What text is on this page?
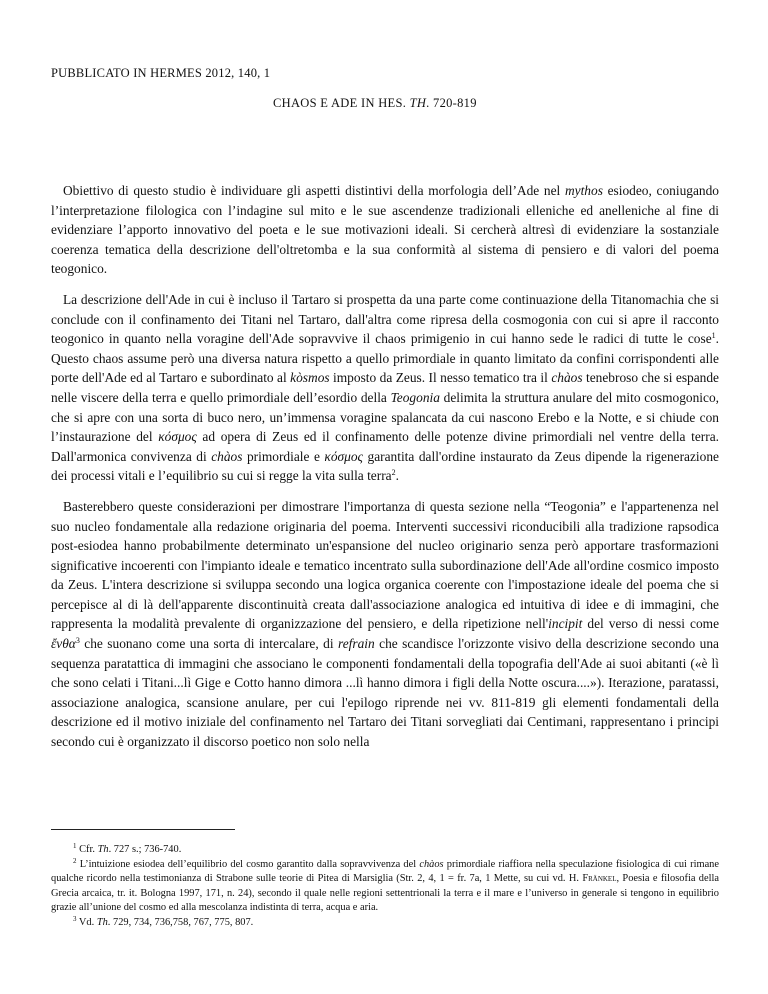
PUBBLICATO IN HERMES 2012, 140, 1
CHAOS E ADE IN HES. TH. 720-819

Obiettivo di questo studio è individuare gli aspetti distintivi della morfologia dell’Ade nel mythos esiodeo, coniugando l’interpretazione filologica con l’indagine sul mito e le sue ascendenze tradizionali elleniche ed anelleniche al fine di evidenziare l’apporto innovativo del poeta e le sue motivazioni ideali. Si cercherà altresì di evidenziare la sostanziale coerenza tematica della descrizione dell'oltretomba e la sua conformità al sistema di pensiero e di valori del poema teogonico.

La descrizione dell'Ade in cui è incluso il Tartaro si prospetta da una parte come continuazione della Titanomachia che si conclude con il confinamento dei Titani nel Tartaro, dall'altra come ripresa della cosmogonia con cui si apre il racconto teogonico in quanto nella voragine dell'Ade sopravvive il chaos primigenio in cui hanno sede le radici di tutte le cose$^1$. Questo chaos assume però una diversa natura rispetto a quello primordiale in quanto limitato da confini corrispondenti alle porte dell'Ade ed al Tartaro e subordinato al kòsmos imposto da Zeus. Il nesso tematico tra il chàos tenebroso che si espande nelle viscere della terra e quello primordiale dell’esordio della Teogonia delimita la struttura anulare del mito cosmogonico, che si apre con una sorta di buco nero, un’immensa voragine spalancata da cui nascono Erebo e la Notte, e si chiude con l’instaurazione del κόσμος ad opera di Zeus ed il confinamento delle potenze divine primordiali nel ventre della terra. Dall'armonica convivenza di chàos primordiale e κόσμος garantita dall'ordine instaurato da Zeus dipende la rigenerazione dei processi vitali e l’equilibrio su cui si regge la vita sulla terra$^2$.

Basterebbero queste considerazioni per dimostrare l'importanza di questa sezione nella “Teogonia” e l'appartenenza nel suo nucleo fondamentale alla redazione originaria del poema. Interventi successivi riconducibili alla tradizione rapsodica post-esiodea hanno probabilmente determinato un'espansione del nucleo originario senza però apportare trasformazioni significative incoerenti con l'impianto ideale e tematico incentrato sulla subordinazione dell'Ade all'ordine cosmico imposto da Zeus. L'intera descrizione si sviluppa secondo una logica organica coerente con l'impostazione ideale del poema che si percepisce al di là dell'apparente discontinuità creata dall'associazione analogica ed intuitiva di idee e di immagini, che rappresenta la modalità prevalente di organizzazione del pensiero, e della ripetizione nell'incipit del verso di nessi come ἔνθα$^3$ che suonano come una sorta di intercalare, di refrain che scandisce l'orizzonte visivo della descrizione secondo una sequenza paratattica di immagini che associano le componenti fondamentali della topografia dell'Ade ai suoi abitanti («è lì che sono celati i Titani...lì Gige e Cotto hanno dimora ...lì hanno dimora i figli della Notte oscura....»). Iterazione, paratassi, associazione analogica, scansione anulare, per cui l'epilogo riprende nei vv. 811-819 gli elementi fondamentali della descrizione ed il motivo iniziale del confinamento nel Tartaro dei Titani sorvegliati dai Centimani, rappresentano i principi secondo cui è organizzato il discorso poetico non solo nella

$^1$ Cfr. Th. 727 s.; 736-740.

$^2$ L’intuizione esiodea dell’equilibrio del cosmo garantito dalla sopravvivenza del chàos primordiale riaffiora nella speculazione fisiologica di cui rimane qualche ricordo nella testimonianza di Strabone sulle teorie di Pitea di Marsiglia (Str. 2, 4, 1 = fr. 7a, 1 Mette, su cui vd. H. Fränkel, Poesia e filosofia della Grecia arcaica, tr. it. Bologna 1997, 171, n. 24), secondo il quale nelle regioni settentrionali la terra e il mare e l’universo in generale si tengono in equilibrio grazie all’unione del cosmo ed alla mescolanza indistinta di terra, acqua e aria.

$^3$ Vd. Th. 729, 734, 736,758, 767, 775, 807.
